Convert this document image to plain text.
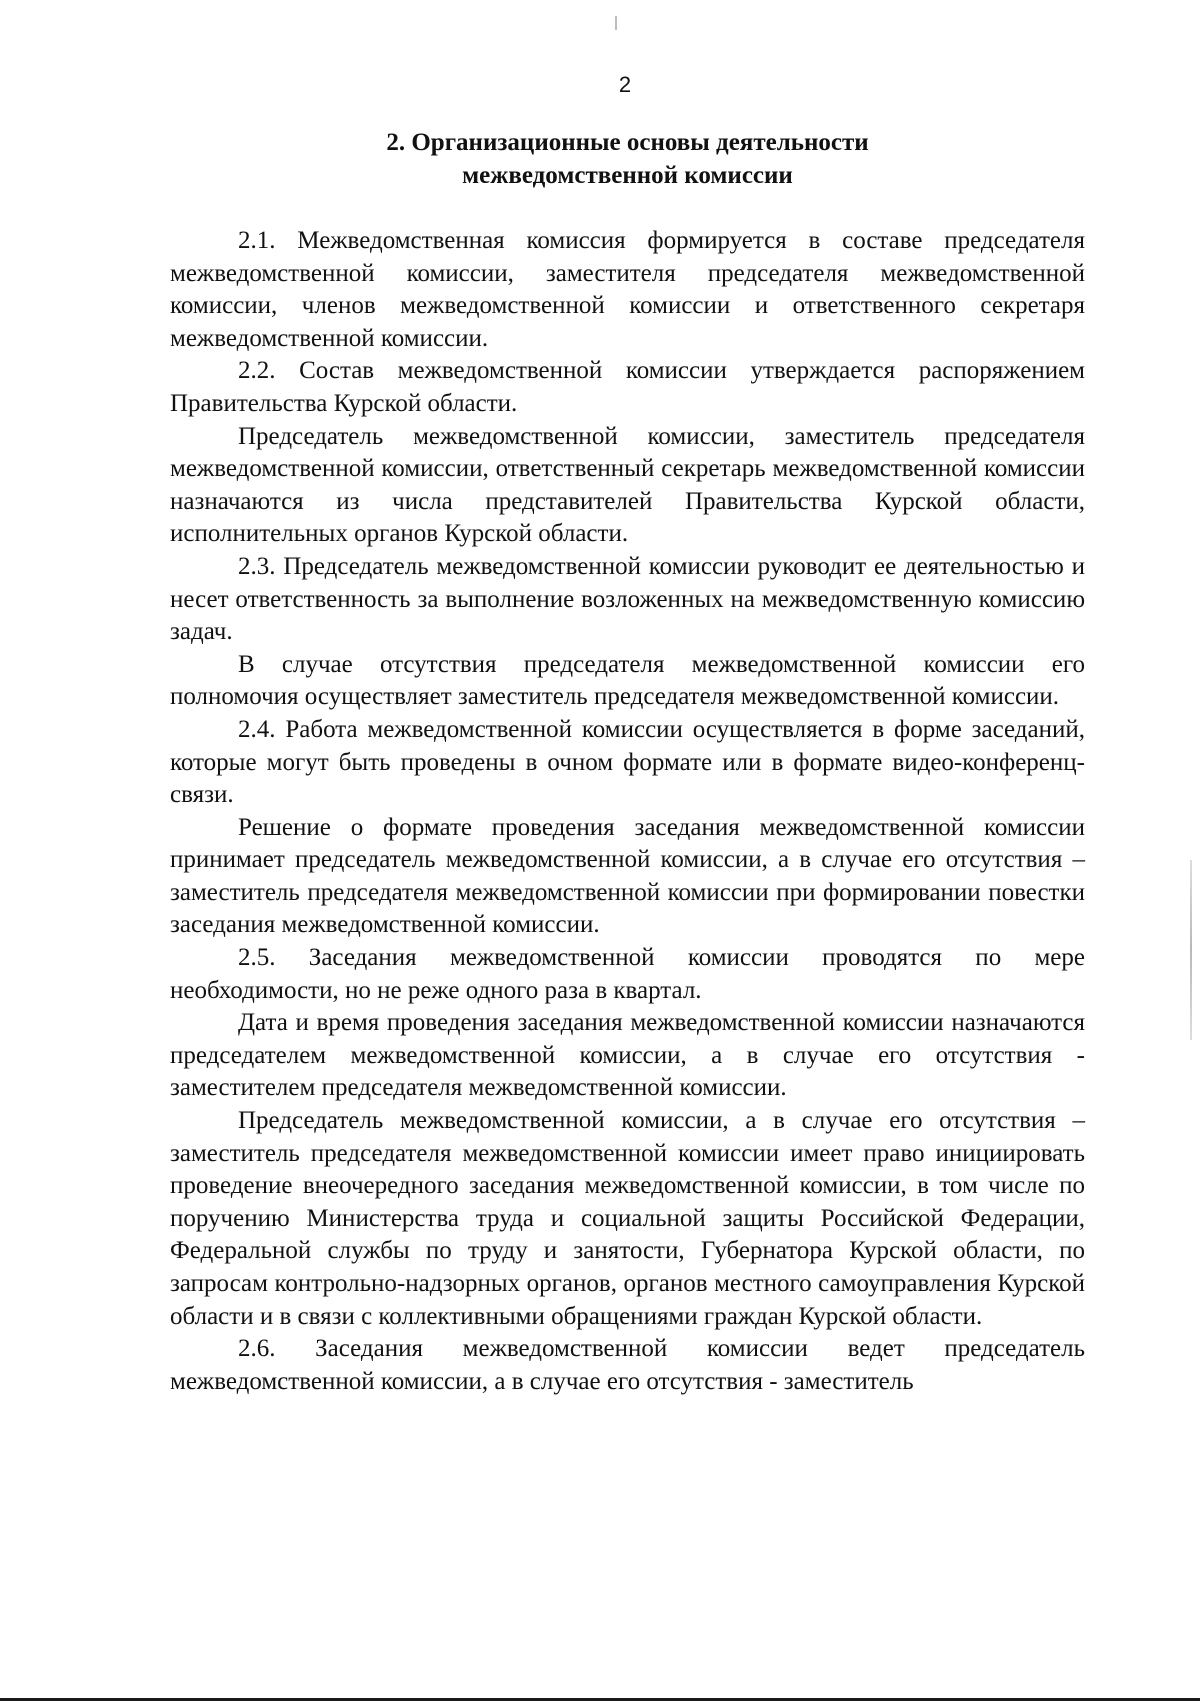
2
2. Организационные основы деятельности
межведомственной комиссии

2.1. Межведомственная комиссия формируется в составе председателя межведомственной комиссии, заместителя председателя межведомственной комиссии, членов межведомственной комиссии и ответственного секретаря межведомственной комиссии.

2.2. Состав межведомственной комиссии утверждается распоряжением Правительства Курской области.

Председатель межведомственной комиссии, заместитель председателя межведомственной комиссии, ответственный секретарь межведомственной комиссии назначаются из числа представителей Правительства Курской области, исполнительных органов Курской области.

2.3. Председатель межведомственной комиссии руководит ее деятельностью и несет ответственность за выполнение возложенных на межведомственную комиссию задач.

В случае отсутствия председателя межведомственной комиссии его полномочия осуществляет заместитель председателя межведомственной комиссии.

2.4. Работа межведомственной комиссии осуществляется в форме заседаний, которые могут быть проведены в очном формате или в формате видео-конференц-связи.

Решение о формате проведения заседания межведомственной комиссии принимает председатель межведомственной комиссии, а в случае его отсутствия – заместитель председателя межведомственной комиссии при формировании повестки заседания межведомственной комиссии.

2.5. Заседания межведомственной комиссии проводятся по мере необходимости, но не реже одного раза в квартал.

Дата и время проведения заседания межведомственной комиссии назначаются председателем межведомственной комиссии, а в случае его отсутствия - заместителем председателя межведомственной комиссии.

Председатель межведомственной комиссии, а в случае его отсутствия – заместитель председателя межведомственной комиссии имеет право инициировать проведение внеочередного заседания межведомственной комиссии, в том числе по поручению Министерства труда и социальной защиты Российской Федерации, Федеральной службы по труду и занятости, Губернатора Курской области, по запросам контрольно-надзорных органов, органов местного самоуправления Курской области и в связи с коллективными обращениями граждан Курской области.

2.6. Заседания межведомственной комиссии ведет председатель межведомственной комиссии, а в случае его отсутствия - заместитель
